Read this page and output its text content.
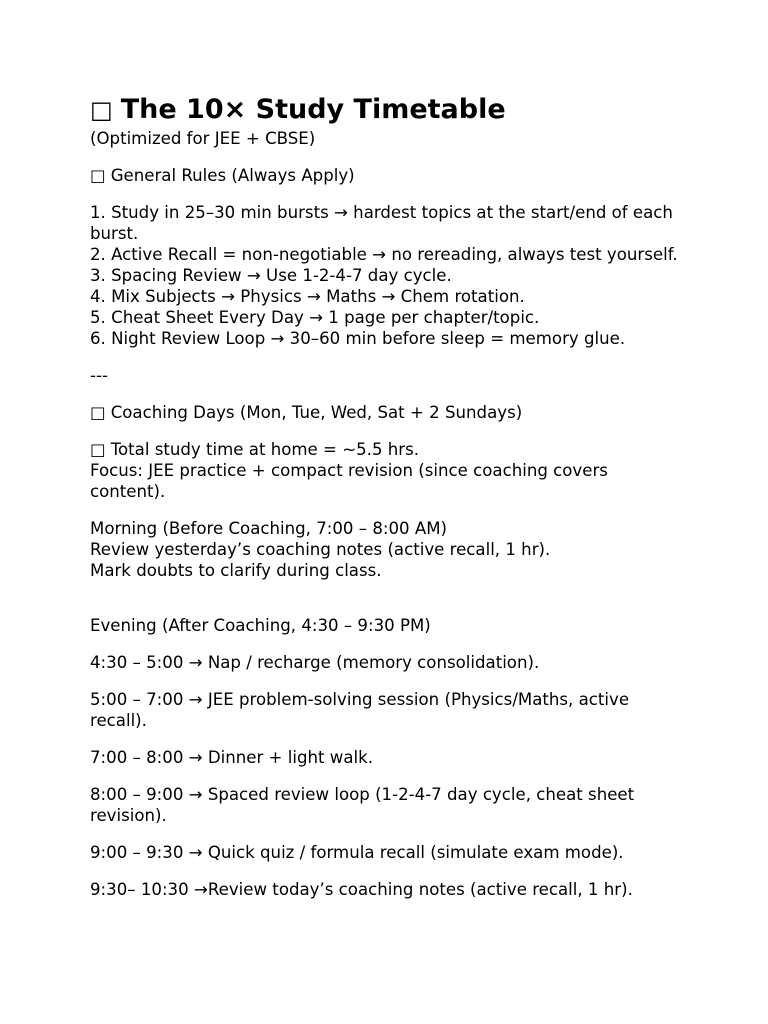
□ The 10× Study Timetable

(Optimized for JEE + CBSE)

□ General Rules (Always Apply)

1. Study in 25–30 min bursts → hardest topics at the start/end of each burst.

2. Active Recall = non-negotiable → no rereading, always test yourself.

3. Spacing Review → Use 1-2-4-7 day cycle.

4. Mix Subjects → Physics → Maths → Chem rotation.

5. Cheat Sheet Every Day → 1 page per chapter/topic.

6. Night Review Loop → 30–60 min before sleep = memory glue.

---

□ Coaching Days (Mon, Tue, Wed, Sat + 2 Sundays)

□ Total study time at home = ~5.5 hrs.

Focus: JEE practice + compact revision (since coaching covers content).

Morning (Before Coaching, 7:00 – 8:00 AM)

Review yesterday’s coaching notes (active recall, 1 hr).

Mark doubts to clarify during class.

Evening (After Coaching, 4:30 – 9:30 PM)

4:30 – 5:00 → Nap / recharge (memory consolidation).

5:00 – 7:00 → JEE problem-solving session (Physics/Maths, active recall).

7:00 – 8:00 → Dinner + light walk.

8:00 – 9:00 → Spaced review loop (1-2-4-7 day cycle, cheat sheet revision).

9:00 – 9:30 → Quick quiz / formula recall (simulate exam mode).

9:30– 10:30 →Review today’s coaching notes (active recall, 1 hr).
